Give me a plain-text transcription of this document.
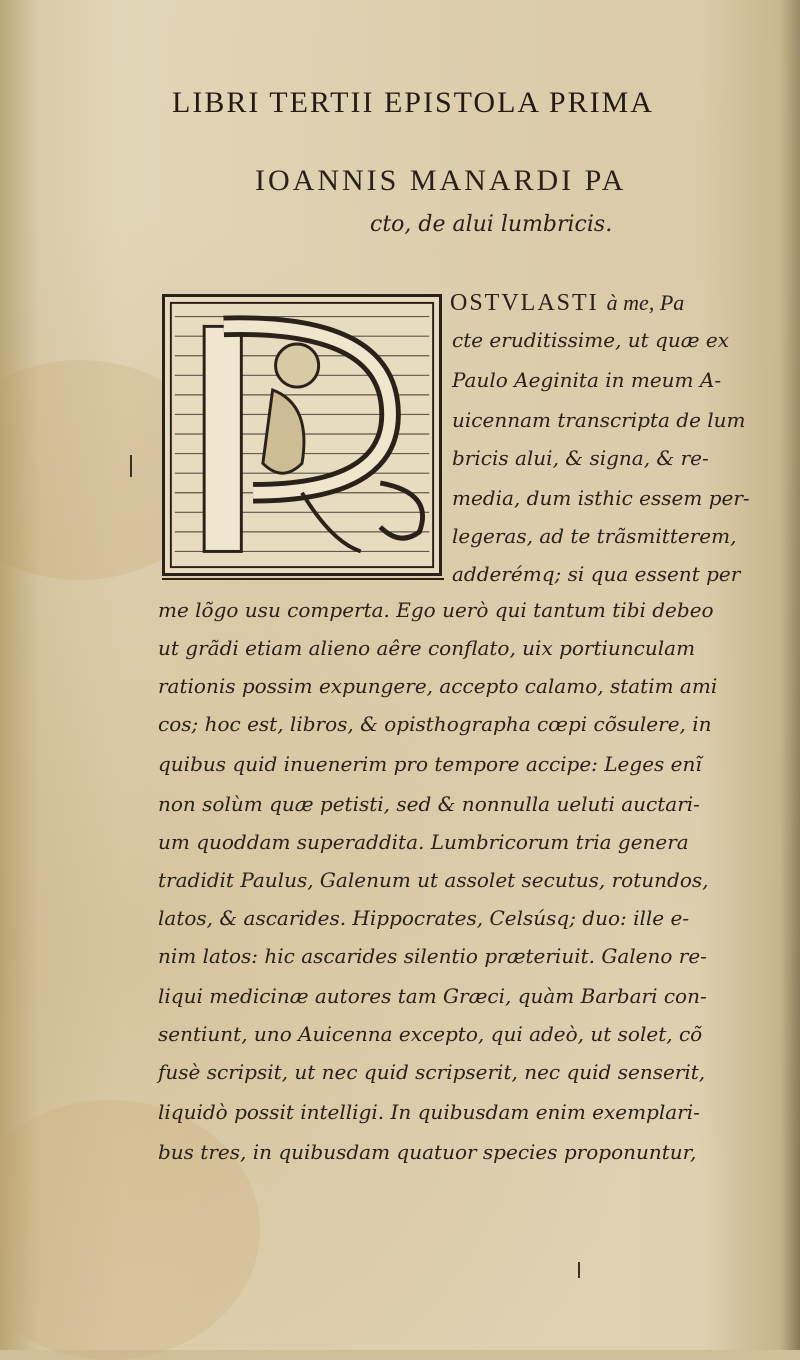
LIBRI TERTII EPISTOLA PRIMA
IOANNIS MANARDI PA
cto, de alui lumbricis.
OSTVLASTI à me, Pa
cte eruditissime, ut quæ ex
Paulo Aeginita in meum A-
uicennam transcripta de lum
bricis alui, & signa, & re-
media, dum isthic essem per-
legeras, ad te trãsmitterem,
adderémq; si qua essent per
me lõgo usu comperta. Ego uerò qui tantum tibi debeo
ut grãdi etiam alieno aêre conflato, uix portiunculam
rationis possim expungere, accepto calamo, statim ami
cos; hoc est, libros, & opisthographa cœpi cõsulere, in
quibus quid inuenerim pro tempore accipe: Leges enĩ
non solùm quæ petisti, sed & nonnulla ueluti auctari-
um quoddam superaddita. Lumbricorum tria genera
tradidit Paulus, Galenum ut assolet secutus, rotundos,
latos, & ascarides. Hippocrates, Celsúsq; duo: ille e-
nim latos: hic ascarides silentio præteriuit. Galeno re-
liqui medicinæ autores tam Græci, quàm Barbari con-
sentiunt, uno Auicenna excepto, qui adeò, ut solet, cõ
fusè scripsit, ut nec quid scripserit, nec quid senserit,
liquidò possit intelligi. In quibusdam enim exemplari-
bus tres, in quibusdam quatuor species proponuntur,
